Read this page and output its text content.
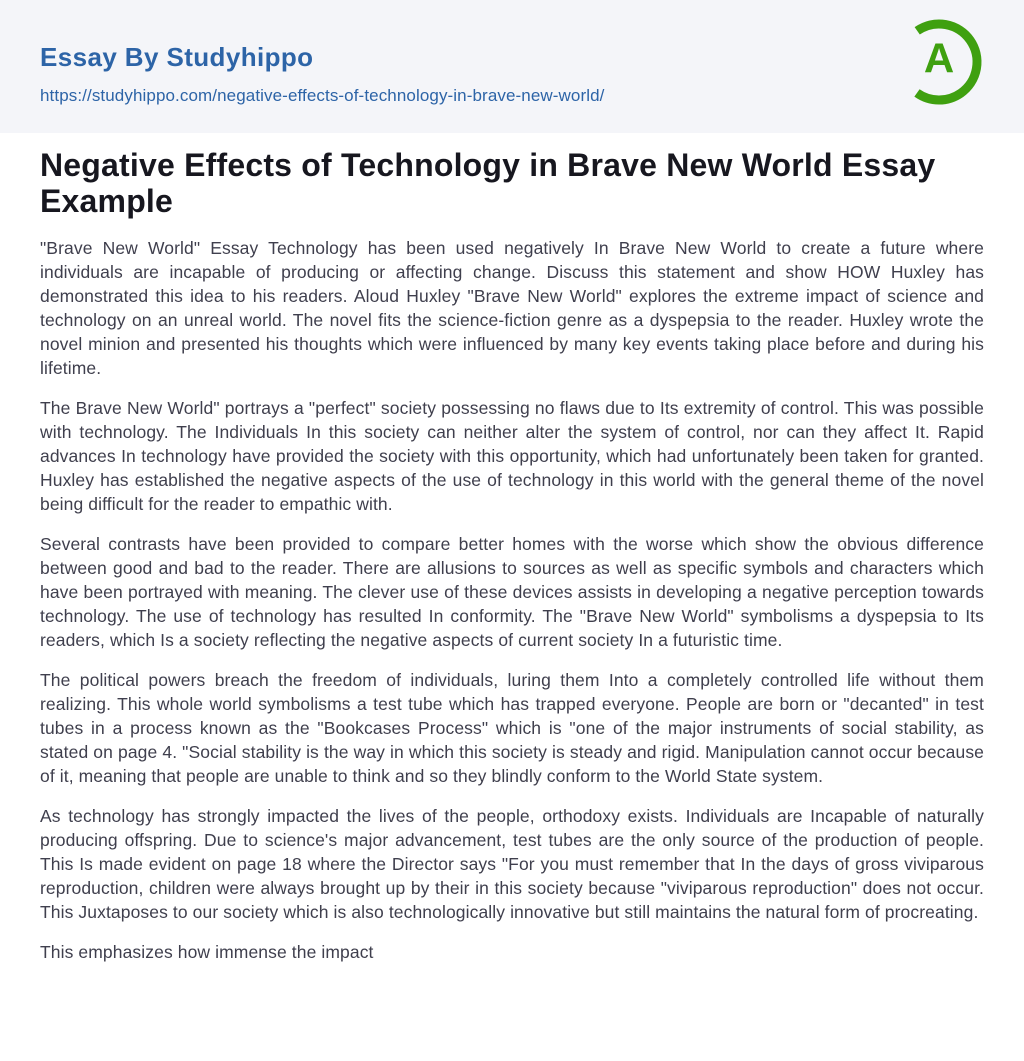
Essay By Studyhippo
https://studyhippo.com/negative-effects-of-technology-in-brave-new-world/
A
Negative Effects of Technology in Brave New World Essay Example

"Brave New World" Essay Technology has been used negatively In Brave New World to create a future where individuals are incapable of producing or affecting change. Discuss this statement and show HOW Huxley has demonstrated this idea to his readers. Aloud Huxley "Brave New World" explores the extreme impact of science and technology on an unreal world. The novel fits the science-fiction genre as a dyspepsia to the reader. Huxley wrote the novel minion and presented his thoughts which were influenced by many key events taking place before and during his lifetime.

The Brave New World" portrays a "perfect" society possessing no flaws due to Its extremity of control. This was possible with technology. The Individuals In this society can neither alter the system of control, nor can they affect It. Rapid advances In technology have provided the society with this opportunity, which had unfortunately been taken for granted. Huxley has established the negative aspects of the use of technology in this world with the general theme of the novel being difficult for the reader to empathic with.

Several contrasts have been provided to compare better homes with the worse which show the obvious difference between good and bad to the reader. There are allusions to sources as well as specific symbols and characters which have been portrayed with meaning. The clever use of these devices assists in developing a negative perception towards technology. The use of technology has resulted In conformity. The "Brave New World" symbolisms a dyspepsia to Its readers, which Is a society reflecting the negative aspects of current society In a futuristic time.

The political powers breach the freedom of individuals, luring them Into a completely controlled life without them realizing. This whole world symbolisms a test tube which has trapped everyone. People are born or "decanted" in test tubes in a process known as the "Bookcases Process" which is "one of the major instruments of social stability, as stated on page 4. "Social stability is the way in which this society is steady and rigid. Manipulation cannot occur because of it, meaning that people are unable to think and so they blindly conform to the World State system.

As technology has strongly impacted the lives of the people, orthodoxy exists. Individuals are Incapable of naturally producing offspring. Due to science's major advancement, test tubes are the only source of the production of people. This Is made evident on page 18 where the Director says "For you must remember that In the days of gross viviparous reproduction, children were always brought up by their in this society because "viviparous reproduction" does not occur. This Juxtaposes to our society which is also technologically innovative but still maintains the natural form of procreating.

This emphasizes how immense the impact
